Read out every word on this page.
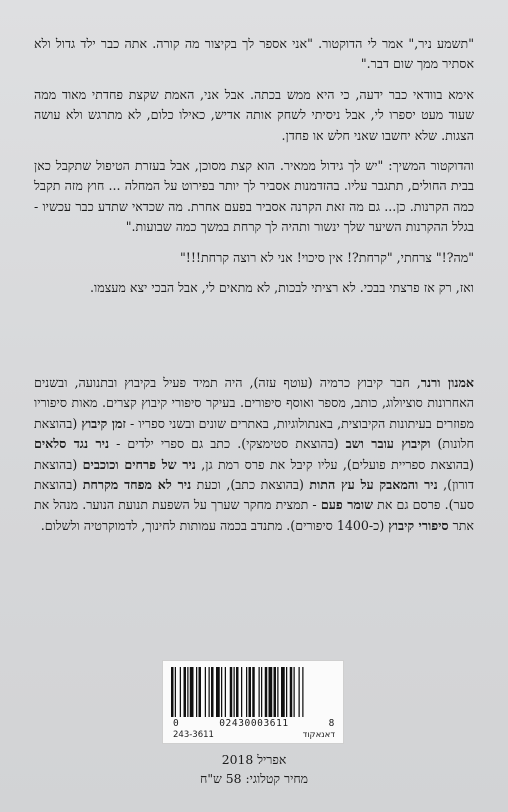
"תשמע ניר," אמר לי הדוקטור. "אני אספר לך בקיצור מה קורה. אתה כבר ילד גדול ולא אסתיר ממך שום דבר."

אימא בוודאי כבר ידעה, כי היא ממש בכתה. אבל אני, האמת שקצת פחדתי מאוד ממה שעוד מעט יספרו לי, אבל ניסיתי לשחק אותה אדיש, כאילו כלום, לא מתרגש ולא עושה הצגות. שלא יחשבו שאני חלש או פחדן.

והדוקטור המשיך: "יש לך גידול ממאיר. הוא קצת מסוכן, אבל בעזרת הטיפול שתקבל כאן בבית החולים, תתגבר עליו. בהזדמנות אסביר לך יותר בפירוט על המחלה ... חוץ מזה תקבל כמה הקרנות. כן... גם מה זאת הקרנה אסביר בפעם אחרת. מה שכדאי שתדע כבר עכשיו - בגלל ההקרנות השיער שלך ינשור ותהיה לך קרחת במשך כמה שבועות."

"מה?!" צרחתי, "קרחת?! אין סיכוי! אני לא רוצה קרחת!!!"

ואז, רק אז פרצתי בבכי. לא רציתי לבכות, לא מתאים לי, אבל הבכי יצא מעצמו.

אמנון ורנר, חבר קיבוץ כרמיה (עוטף עזה), היה תמיד פעיל בקיבוץ ובתנועה, ובשנים האחרונות סוציולוג, כותב, מספר ואוסף סיפורים. בעיקר סיפורי קיבוץ קצרים. מאות סיפוריו מפוזרים בעיתונות הקיבוצית, באנתולוגיות, באתרים שונים ובשני ספריו - זמן קיבוץ (בהוצאת חלונות) וקיבוץ עובר ושב (בהוצאת סטימצקי). כתב גם ספרי ילדים - ניר נגד סלאים (בהוצאת ספריית פועלים), עליו קיבל את פרס רמת גן, ניר של פרחים וכוכבים (בהוצאת דורון), ניר והמאבק על עץ התות (בהוצאת כתב), וכעת ניר לא מפחד מקרחת (בהוצאת סער). פרסם גם את שומר פעם - תמצית מחקר שערך על השפעת תנועת הנוער. מנהל את אתר סיפורי קיבוץ (כ-1400 סיפורים). מתנדב בכמה עמותות לחינוך, לדמוקרטיה ולשלום.

0	02430003611	8
243-3611	דאנאקוד
אפריל 2018
מחיר קטלוגי: 58 ש"ח
